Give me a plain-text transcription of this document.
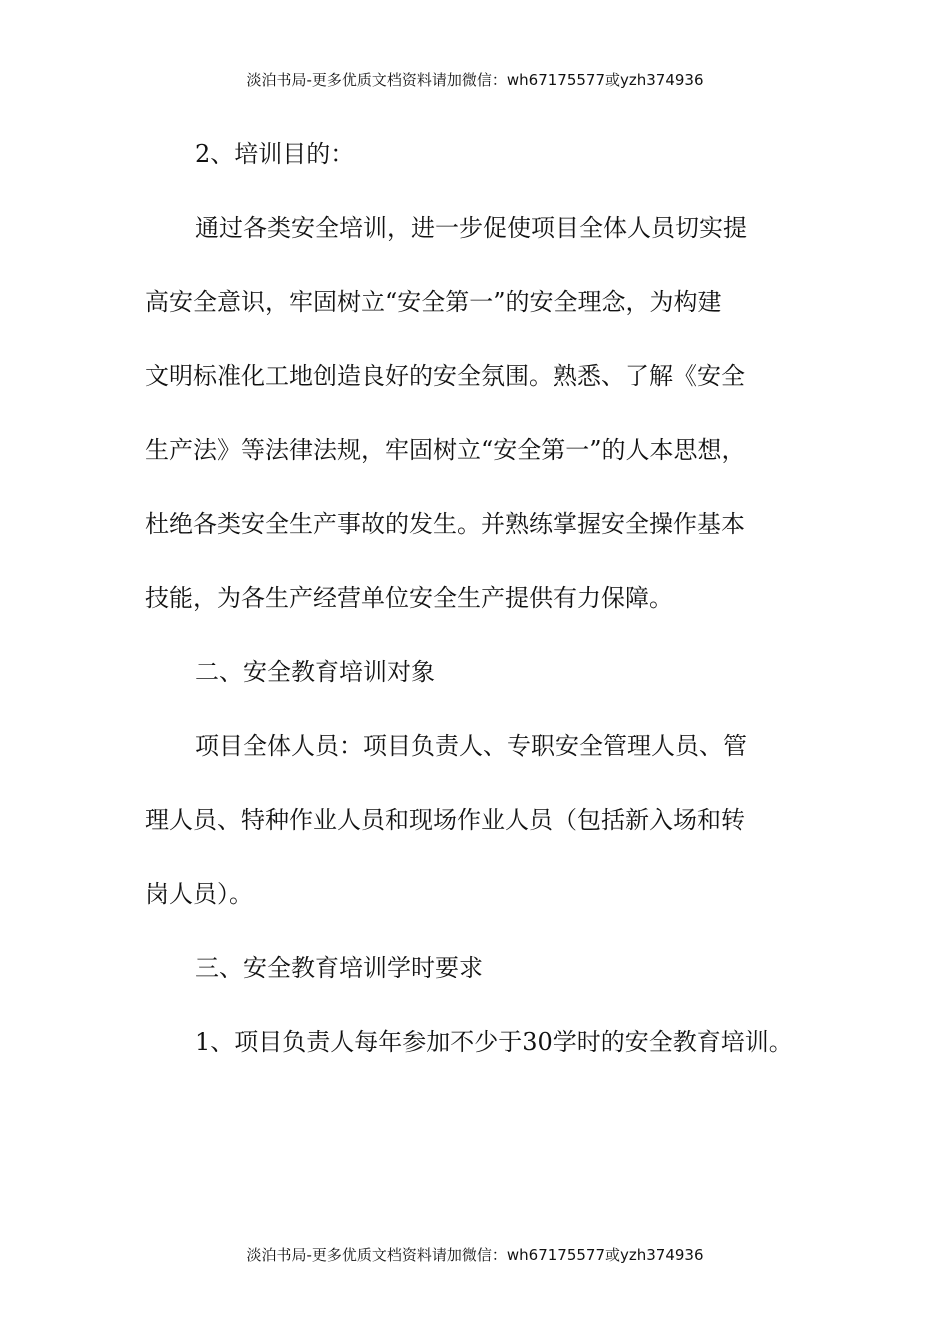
淡泊书局-更多优质文档资料请加微信：wh67175577或yzh374936
2、培训目的：
通过各类安全培训，进一步促使项目全体人员切实提
高安全意识，牢固树立“安全第一”的安全理念，为构建
文明标准化工地创造良好的安全氛围。熟悉、了解《安全
生产法》等法律法规，牢固树立“安全第一”的人本思想，
杜绝各类安全生产事故的发生。并熟练掌握安全操作基本
技能，为各生产经营单位安全生产提供有力保障。
二、安全教育培训对象
项目全体人员：项目负责人、专职安全管理人员、管
理人员、特种作业人员和现场作业人员（包括新入场和转
岗人员）。
三、安全教育培训学时要求
1、项目负责人每年参加不少于30学时的安全教育培训。
淡泊书局-更多优质文档资料请加微信：wh67175577或yzh374936
